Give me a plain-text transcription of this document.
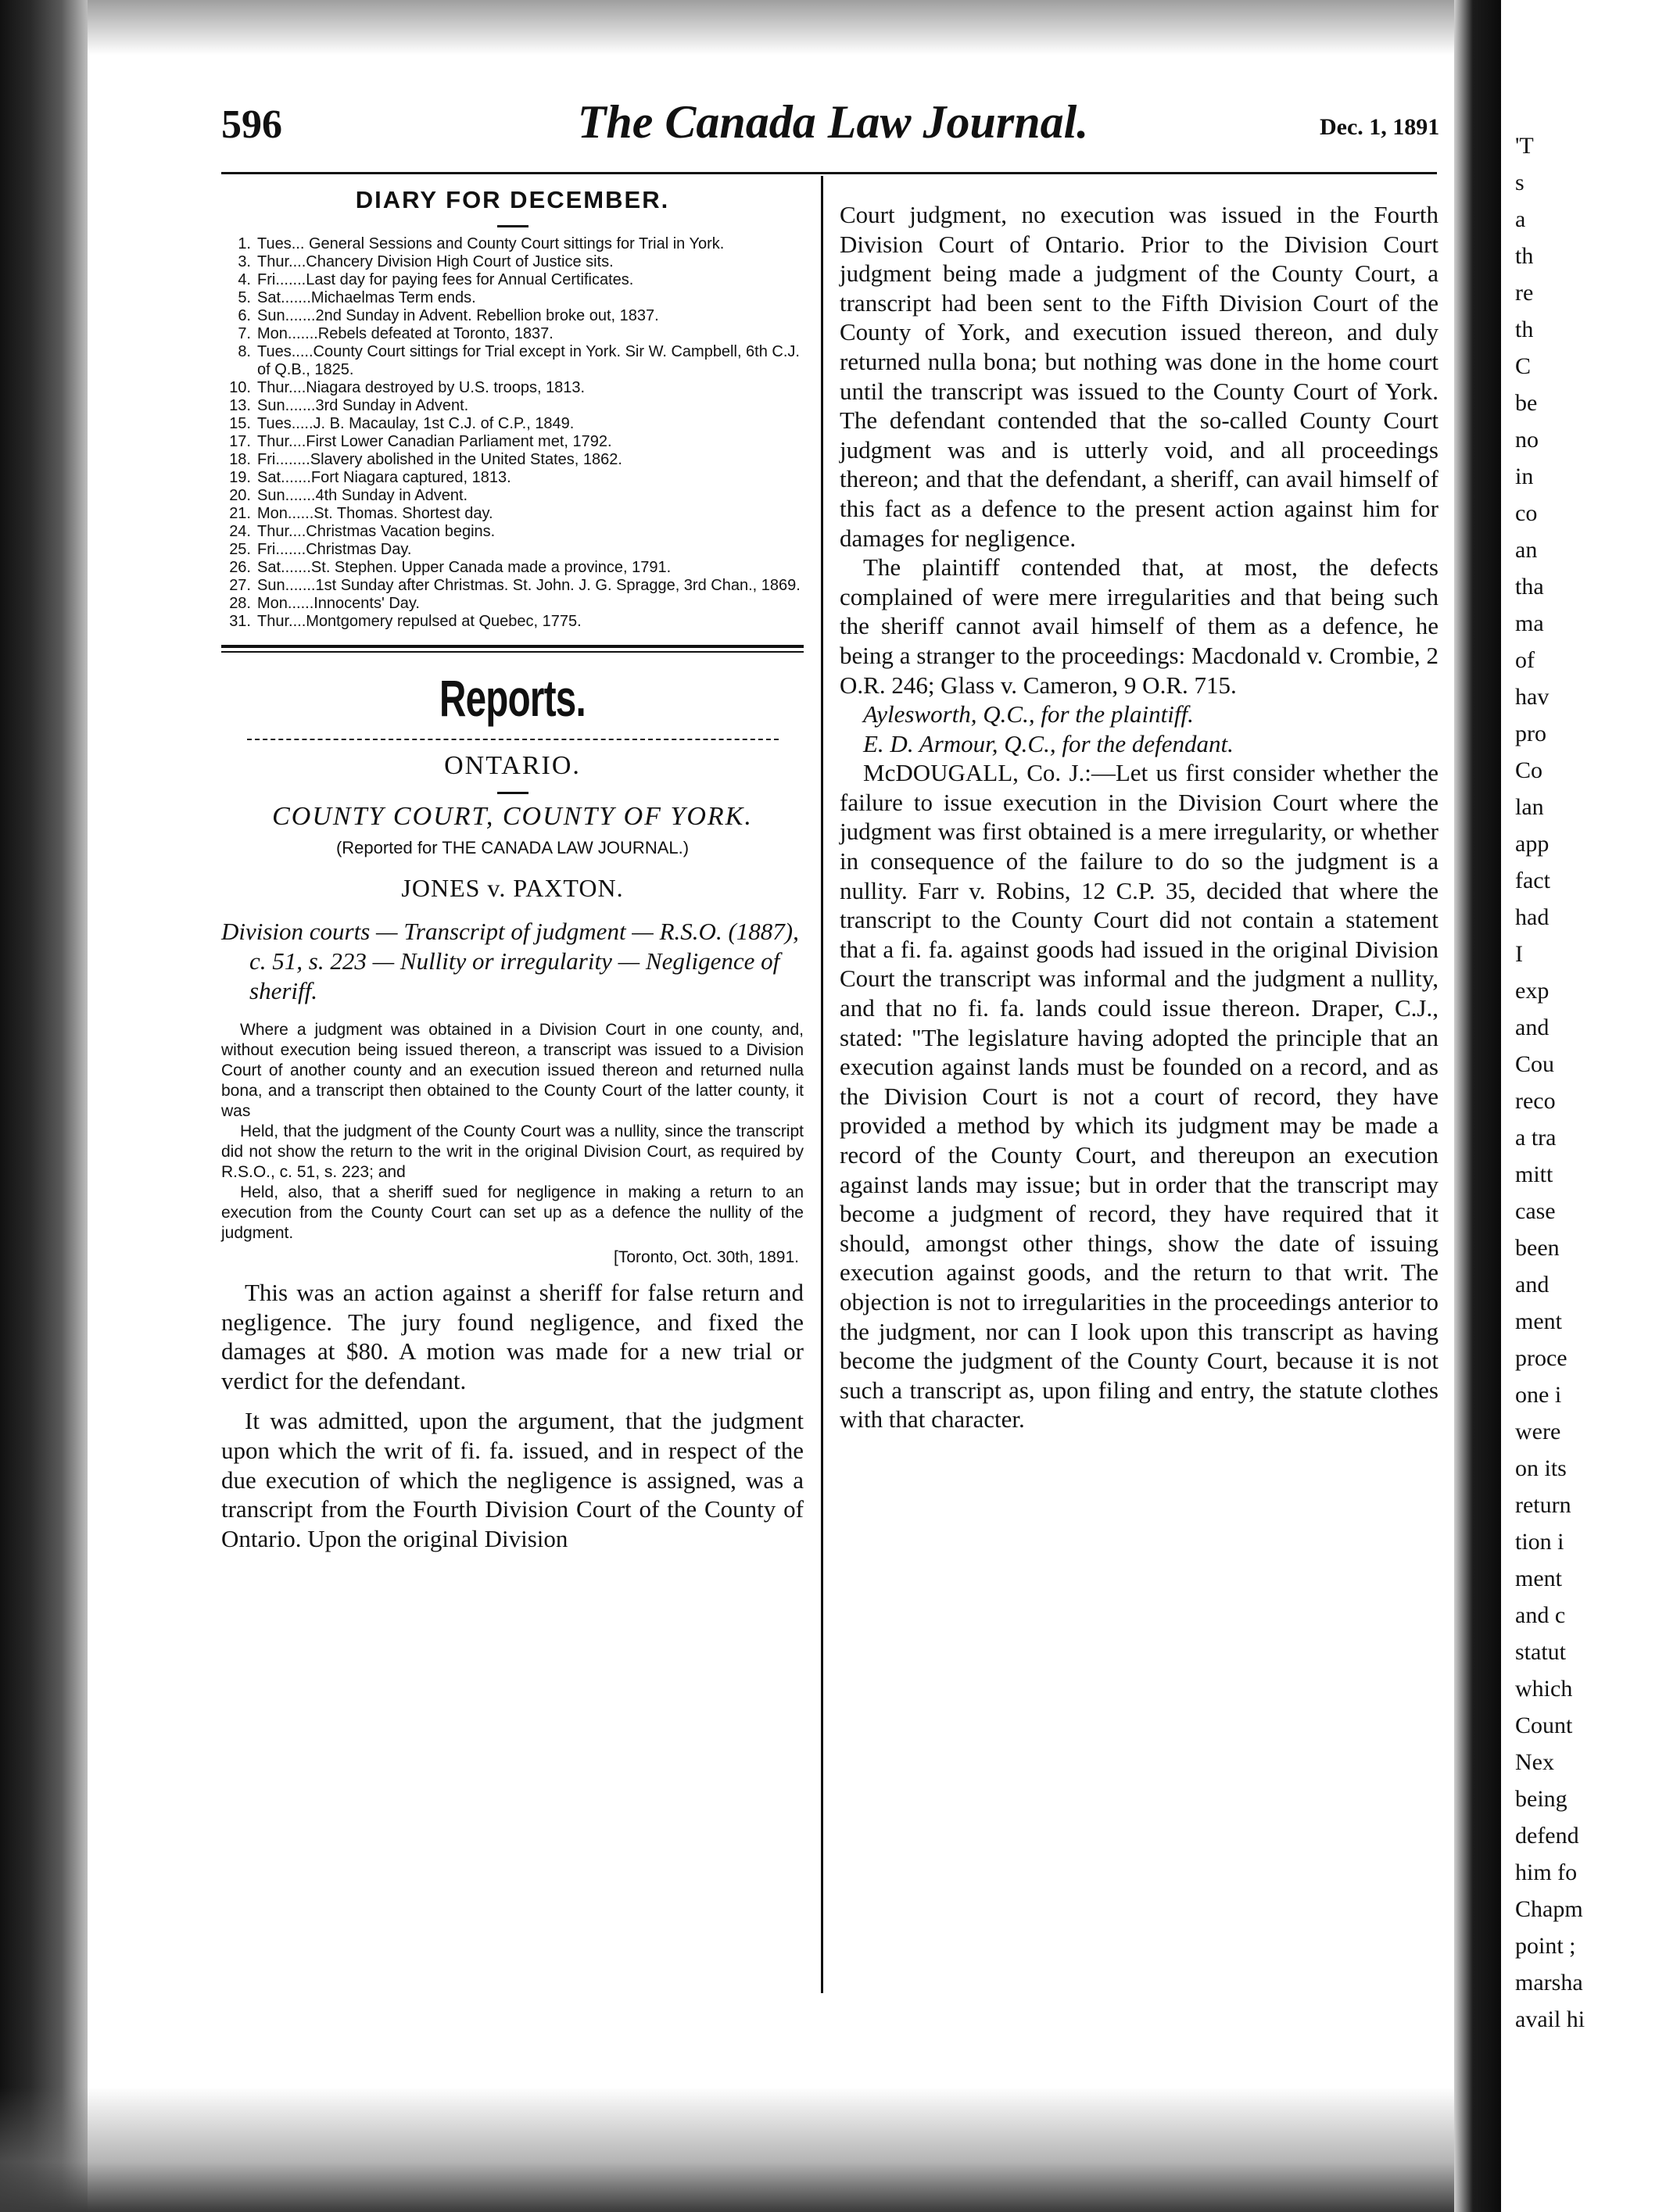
596	The Canada Law Journal.	Dec. 1, 1891
DIARY FOR DECEMBER.
1. Tues... General Sessions and County Court sittings for Trial in York.
3. Thur....Chancery Division High Court of Justice sits.
4. Fri.......Last day for paying fees for Annual Certificates.
5. Sat.......Michaelmas Term ends.
6. Sun.......2nd Sunday in Advent. Rebellion broke out, 1837.
7. Mon.......Rebels defeated at Toronto, 1837.
8. Tues.....County Court sittings for Trial except in York. Sir W. Campbell, 6th C.J. of Q.B., 1825.
10. Thur....Niagara destroyed by U.S. troops, 1813.
13. Sun.......3rd Sunday in Advent.
15. Tues.....J. B. Macaulay, 1st C.J. of C.P., 1849.
17. Thur....First Lower Canadian Parliament met, 1792.
18. Fri........Slavery abolished in the United States, 1862.
19. Sat.......Fort Niagara captured, 1813.
20. Sun.......4th Sunday in Advent.
21. Mon......St. Thomas. Shortest day.
24. Thur....Christmas Vacation begins.
25. Fri.......Christmas Day.
26. Sat.......St. Stephen. Upper Canada made a province, 1791.
27. Sun.......1st Sunday after Christmas. St. John. J. G. Spragge, 3rd Chan., 1869.
28. Mon......Innocents' Day.
31. Thur....Montgomery repulsed at Quebec, 1775.
Reports.
ONTARIO.
COUNTY COURT, COUNTY OF YORK.
(Reported for THE CANADA LAW JOURNAL.)
JONES v. PAXTON.
Division courts — Transcript of judgment — R.S.O. (1887), c. 51, s. 223 — Nullity or irregularity — Negligence of sheriff.

Where a judgment was obtained in a Division Court in one county, and, without execution being issued thereon, a transcript was issued to a Division Court of another county and an execution issued thereon and returned nulla bona, and a transcript then obtained to the County Court of the latter county, it was

Held, that the judgment of the County Court was a nullity, since the transcript did not show the return to the writ in the original Division Court, as required by R.S.O., c. 51, s. 223; and

Held, also, that a sheriff sued for negligence in making a return to an execution from the County Court can set up as a defence the nullity of the judgment.

[Toronto, Oct. 30th, 1891.

This was an action against a sheriff for false return and negligence. The jury found negligence, and fixed the damages at $80. A motion was made for a new trial or verdict for the defendant.

It was admitted, upon the argument, that the judgment upon which the writ of fi. fa. issued, and in respect of the due execution of which the negligence is assigned, was a transcript from the Fourth Division Court of the County of Ontario. Upon the original Division

Court judgment, no execution was issued in the Fourth Division Court of Ontario. Prior to the Division Court judgment being made a judgment of the County Court, a transcript had been sent to the Fifth Division Court of the County of York, and execution issued thereon, and duly returned nulla bona; but nothing was done in the home court until the transcript was issued to the County Court of York. The defendant contended that the so-called County Court judgment was and is utterly void, and all proceedings thereon; and that the defendant, a sheriff, can avail himself of this fact as a defence to the present action against him for damages for negligence.

The plaintiff contended that, at most, the defects complained of were mere irregularities and that being such the sheriff cannot avail himself of them as a defence, he being a stranger to the proceedings: Macdonald v. Crombie, 2 O.R. 246; Glass v. Cameron, 9 O.R. 715.

Aylesworth, Q.C., for the plaintiff.

E. D. Armour, Q.C., for the defendant.

McDOUGALL, Co. J.:—Let us first consider whether the failure to issue execution in the Division Court where the judgment was first obtained is a mere irregularity, or whether in consequence of the failure to do so the judgment is a nullity. Farr v. Robins, 12 C.P. 35, decided that where the transcript to the County Court did not contain a statement that a fi. fa. against goods had issued in the original Division Court the transcript was informal and the judgment a nullity, and that no fi. fa. lands could issue thereon. Draper, C.J., stated: "The legislature having adopted the principle that an execution against lands must be founded on a record, and as the Division Court is not a court of record, they have provided a method by which its judgment may be made a record of the County Court, and thereupon an execution against lands may issue; but in order that the transcript may become a judgment of record, they have required that it should, amongst other things, show the date of issuing execution against goods, and the return to that writ. The objection is not to irregularities in the proceedings anterior to the judgment, nor can I look upon this transcript as having become the judgment of the County Court, because it is not such a transcript as, upon filing and entry, the statute clothes with that character.

'T
s
a
th
re
th
C
be
no
in
co
an
tha
ma
of
hav
pro
Co
lan
app
fact
had
I
exp
and
Cou
reco
a tra
mitt
case
been
and
ment
proce
one i
were
on its
return
tion i
ment
and c
statut
which
Count
Nex
being
defend
him fo
Chapm
point ;
marsha
avail hi
